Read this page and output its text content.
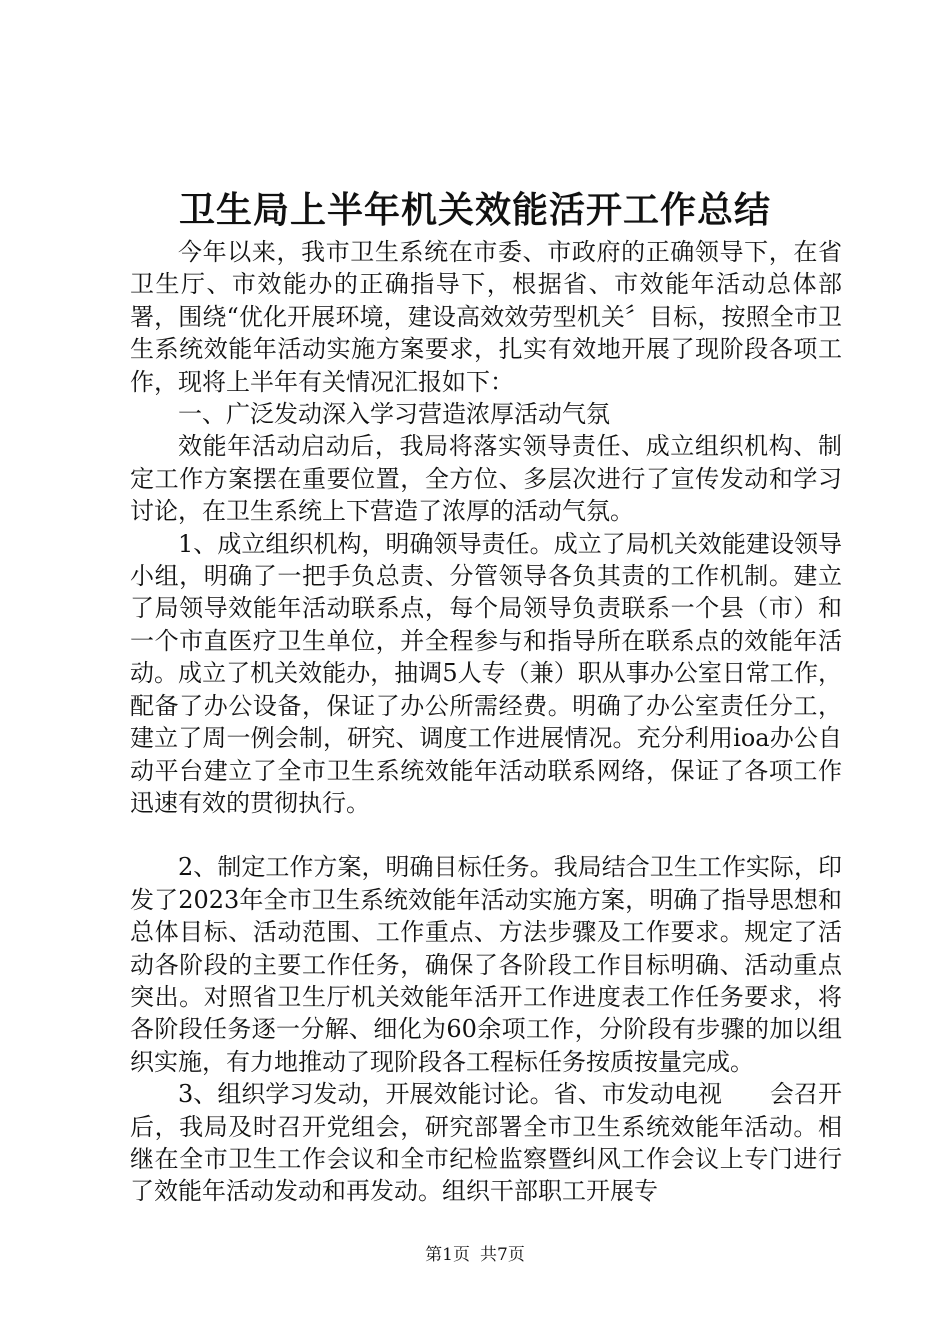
卫生局上半年机关效能活开工作总结

今年以来，我市卫生系统在市委、市政府的正确领导下，在省卫生厅、市效能办的正确指导下，根据省、市效能年活动总体部署，围绕“优化开展环境，建设高效效劳型机关〞目标，按照全市卫生系统效能年活动实施方案要求，扎实有效地开展了现阶段各项工作，现将上半年有关情况汇报如下：

一、广泛发动深入学习营造浓厚活动气氛

效能年活动启动后，我局将落实领导责任、成立组织机构、制定工作方案摆在重要位置，全方位、多层次进行了宣传发动和学习讨论，在卫生系统上下营造了浓厚的活动气氛。

1、成立组织机构，明确领导责任。成立了局机关效能建设领导小组，明确了一把手负总责、分管领导各负其责的工作机制。建立了局领导效能年活动联系点，每个局领导负责联系一个县（市）和一个市直医疗卫生单位，并全程参与和指导所在联系点的效能年活动。成立了机关效能办，抽调5人专（兼）职从事办公室日常工作，配备了办公设备，保证了办公所需经费。明确了办公室责任分工，建立了周一例会制，研究、调度工作进展情况。充分利用ioa办公自动平台建立了全市卫生系统效能年活动联系网络，保证了各项工作迅速有效的贯彻执行。

2、制定工作方案，明确目标任务。我局结合卫生工作实际，印发了2023年全市卫生系统效能年活动实施方案，明确了指导思想和总体目标、活动范围、工作重点、方法步骤及工作要求。规定了活动各阶段的主要工作任务，确保了各阶段工作目标明确、活动重点突出。对照省卫生厅机关效能年活开工作进度表工作任务要求，将各阶段任务逐一分解、细化为60余项工作，分阶段有步骤的加以组织实施，有力地推动了现阶段各工程标任务按质按量完成。

3、组织学习发动，开展效能讨论。省、市发动电视　　会召开后，我局及时召开党组会，研究部署全市卫生系统效能年活动。相继在全市卫生工作会议和全市纪检监察暨纠风工作会议上专门进行了效能年活动发动和再发动。组织干部职工开展专

第1页 共7页
